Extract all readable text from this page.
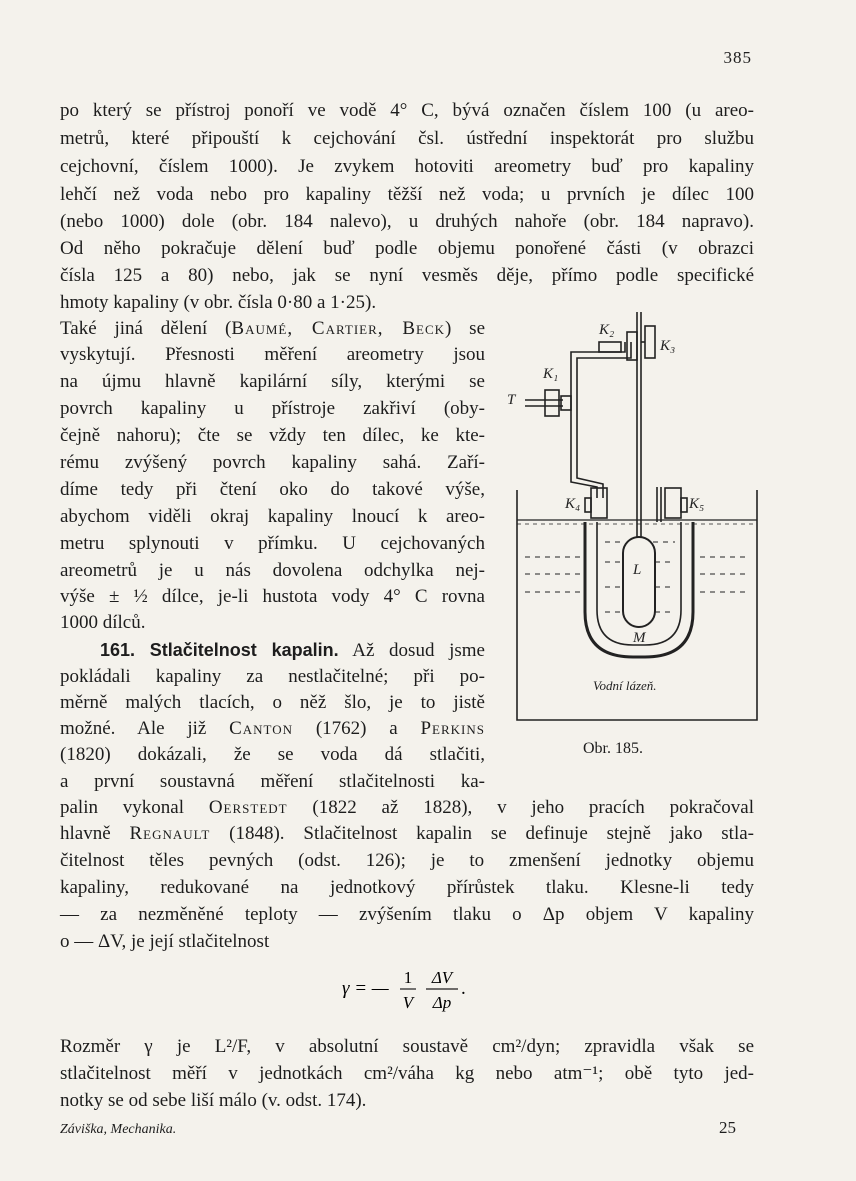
385
po který se přístroj ponoří ve vodě 4° C, bývá označen číslem 100 (u areo-
metrů, které připouští k cejchování čsl. ústřední inspektorát pro službu
cejchovní, číslem 1000). Je zvykem hotoviti areometry buď pro kapaliny
lehčí než voda nebo pro kapaliny těžší než voda; u prvních je dílec 100
(nebo 1000) dole (obr. 184 nalevo), u druhých nahoře (obr. 184 napravo).
Od něho pokračuje dělení buď podle objemu ponořené části (v obrazci
čísla 125 a 80) nebo, jak se nyní vesměs děje, přímo podle specifické
hmoty kapaliny (v obr. čísla 0·80 a 1·25).
Také jiná dělení (Baumé, Cartier, Beck) se
vyskytují. Přesnosti měření areometry jsou
na újmu hlavně kapilární síly, kterými se
povrch kapaliny u přístroje zakřiví (oby-
čejně nahoru); čte se vždy ten dílec, ke kte-
rému zvýšený povrch kapaliny sahá. Zaří-
díme tedy při čtení oko do takové výše,
abychom viděli okraj kapaliny lnoucí k areo-
metru splynouti v přímku. U cejchovaných
areometrů je u nás dovolena odchylka nej-
výše ± ½ dílce, je-li hustota vody 4° C rovna
1000 dílců.
161. Stlačitelnost kapalin. Až dosud jsme
pokládali kapaliny za nestlačitelné; při po-
měrně malých tlacích, o něž šlo, je to jistě
možné. Ale již Canton (1762) a Perkins
(1820) dokázali, že se voda dá stlačiti,
a první soustavná měření stlačitelnosti ka-
palin vykonal Oerstedt (1822 až 1828), v jeho pracích pokračoval
hlavně Regnault (1848). Stlačitelnost kapalin se definuje stejně jako stla-
čitelnost těles pevných (odst. 126); je to zmenšení jednotky objemu
kapaliny, redukované na jednotkový přírůstek tlaku. Klesne-li tedy
— za nezměněné teploty — zvýšením tlaku o Δp objem V kapaliny
o — ΔV, je její stlačitelnost
γ = —
1
V
ΔV
Δp
.
Rozměr γ je L²/F, v absolutní soustavě cm²/dyn; zpravidla však se
stlačitelnost měří v jednotkách cm²/váha kg nebo atm⁻¹; obě tyto jed-
notky se od sebe liší málo (v. odst. 174).
K₂
K₃
K₁
T
K₄	K₅
L
M
Vodní lázeň.
Obr. 185.
Záviška, Mechanika.	25
